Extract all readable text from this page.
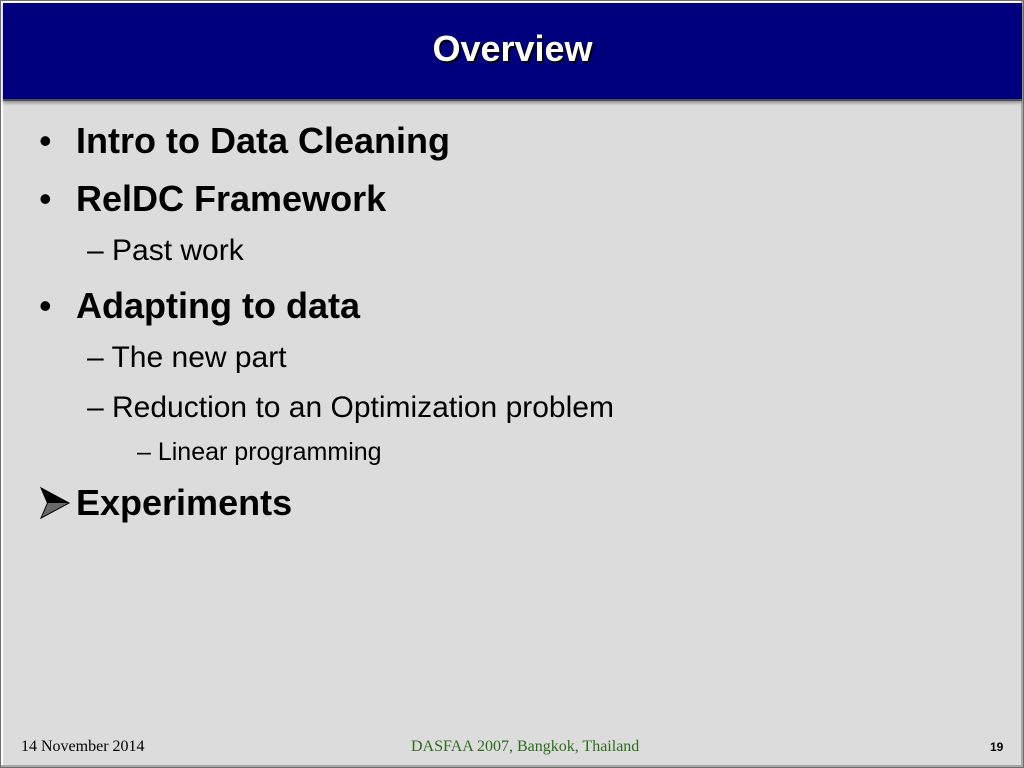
Overview
• Intro to Data Cleaning
• RelDC Framework
– Past work
• Adapting to data
– The new part
– Reduction to an Optimization problem
– Linear programming
Experiments
14 November 2014	DASFAA 2007, Bangkok, Thailand	19
